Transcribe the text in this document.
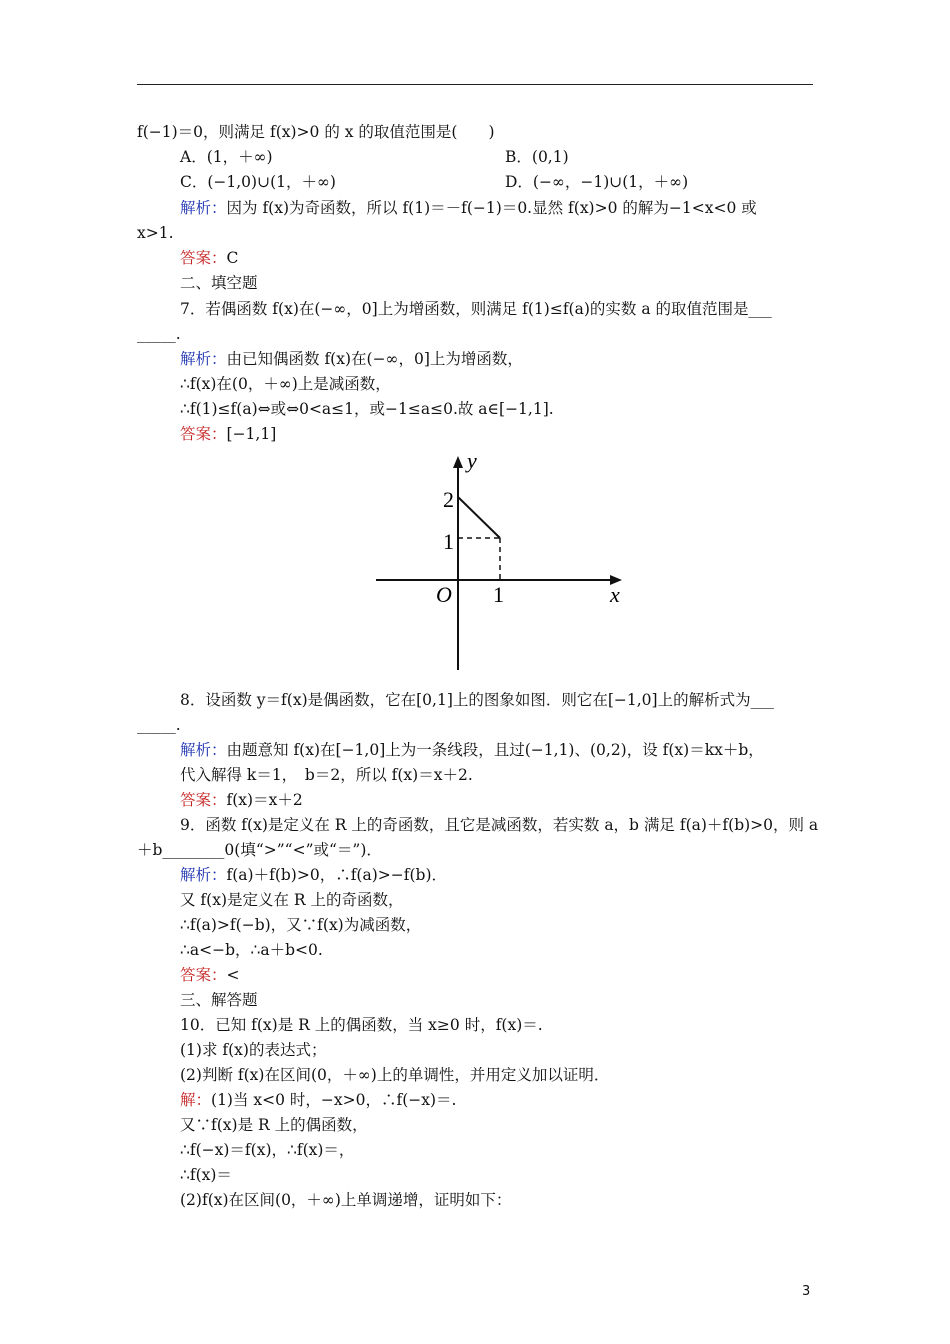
f(−1)＝0，则满足 f(x)>0 的 x 的取值范围是(　　)
A．(1，＋∞)	B．(0,1)
C．(−1,0)∪(1，＋∞)	D．(−∞，−1)∪(1，＋∞)
解析：因为 f(x)为奇函数，所以 f(1)＝－f(−1)＝0.显然 f(x)>0 的解为−1<x<0 或
x>1.
答案：C
二、填空题
7．若偶函数 f(x)在(−∞，0]上为增函数，则满足 f(1)≤f(a)的实数 a 的取值范围是___
_____.
解析：由已知偶函数 f(x)在(−∞，0]上为增函数，
∴f(x)在(0，＋∞)上是减函数，
∴f(1)≤f(a)⇔或⇔0<a≤1，或−1≤a≤0.故 a∈[−1,1].
答案：[−1,1]
y
x
O
2
1
1
8．设函数 y＝f(x)是偶函数，它在[0,1]上的图象如图．则它在[−1,0]上的解析式为___
_____.
解析：由题意知 f(x)在[−1,0]上为一条线段，且过(−1,1)、(0,2)，设 f(x)＝kx＋b，
代入解得 k＝1，　b＝2，所以 f(x)＝x＋2.
答案：f(x)＝x＋2
9．函数 f(x)是定义在 R 上的奇函数，且它是减函数，若实数 a，b 满足 f(a)＋f(b)>0，则 a
＋b________0(填“>”“<”或“＝”)．
解析：f(a)＋f(b)>0，∴f(a)>−f(b)．
又 f(x)是定义在 R 上的奇函数，
∴f(a)>f(−b)，又∵f(x)为减函数，
∴a<−b，∴a＋b<0.
答案：<
三、解答题
10．已知 f(x)是 R 上的偶函数，当 x≥0 时，f(x)＝.
(1)求 f(x)的表达式；
(2)判断 f(x)在区间(0，＋∞)上的单调性，并用定义加以证明．
解：(1)当 x<0 时，−x>0，∴f(−x)＝.
又∵f(x)是 R 上的偶函数，
∴f(−x)＝f(x)，∴f(x)＝，
∴f(x)＝
(2)f(x)在区间(0，＋∞)上单调递增，证明如下：
3
